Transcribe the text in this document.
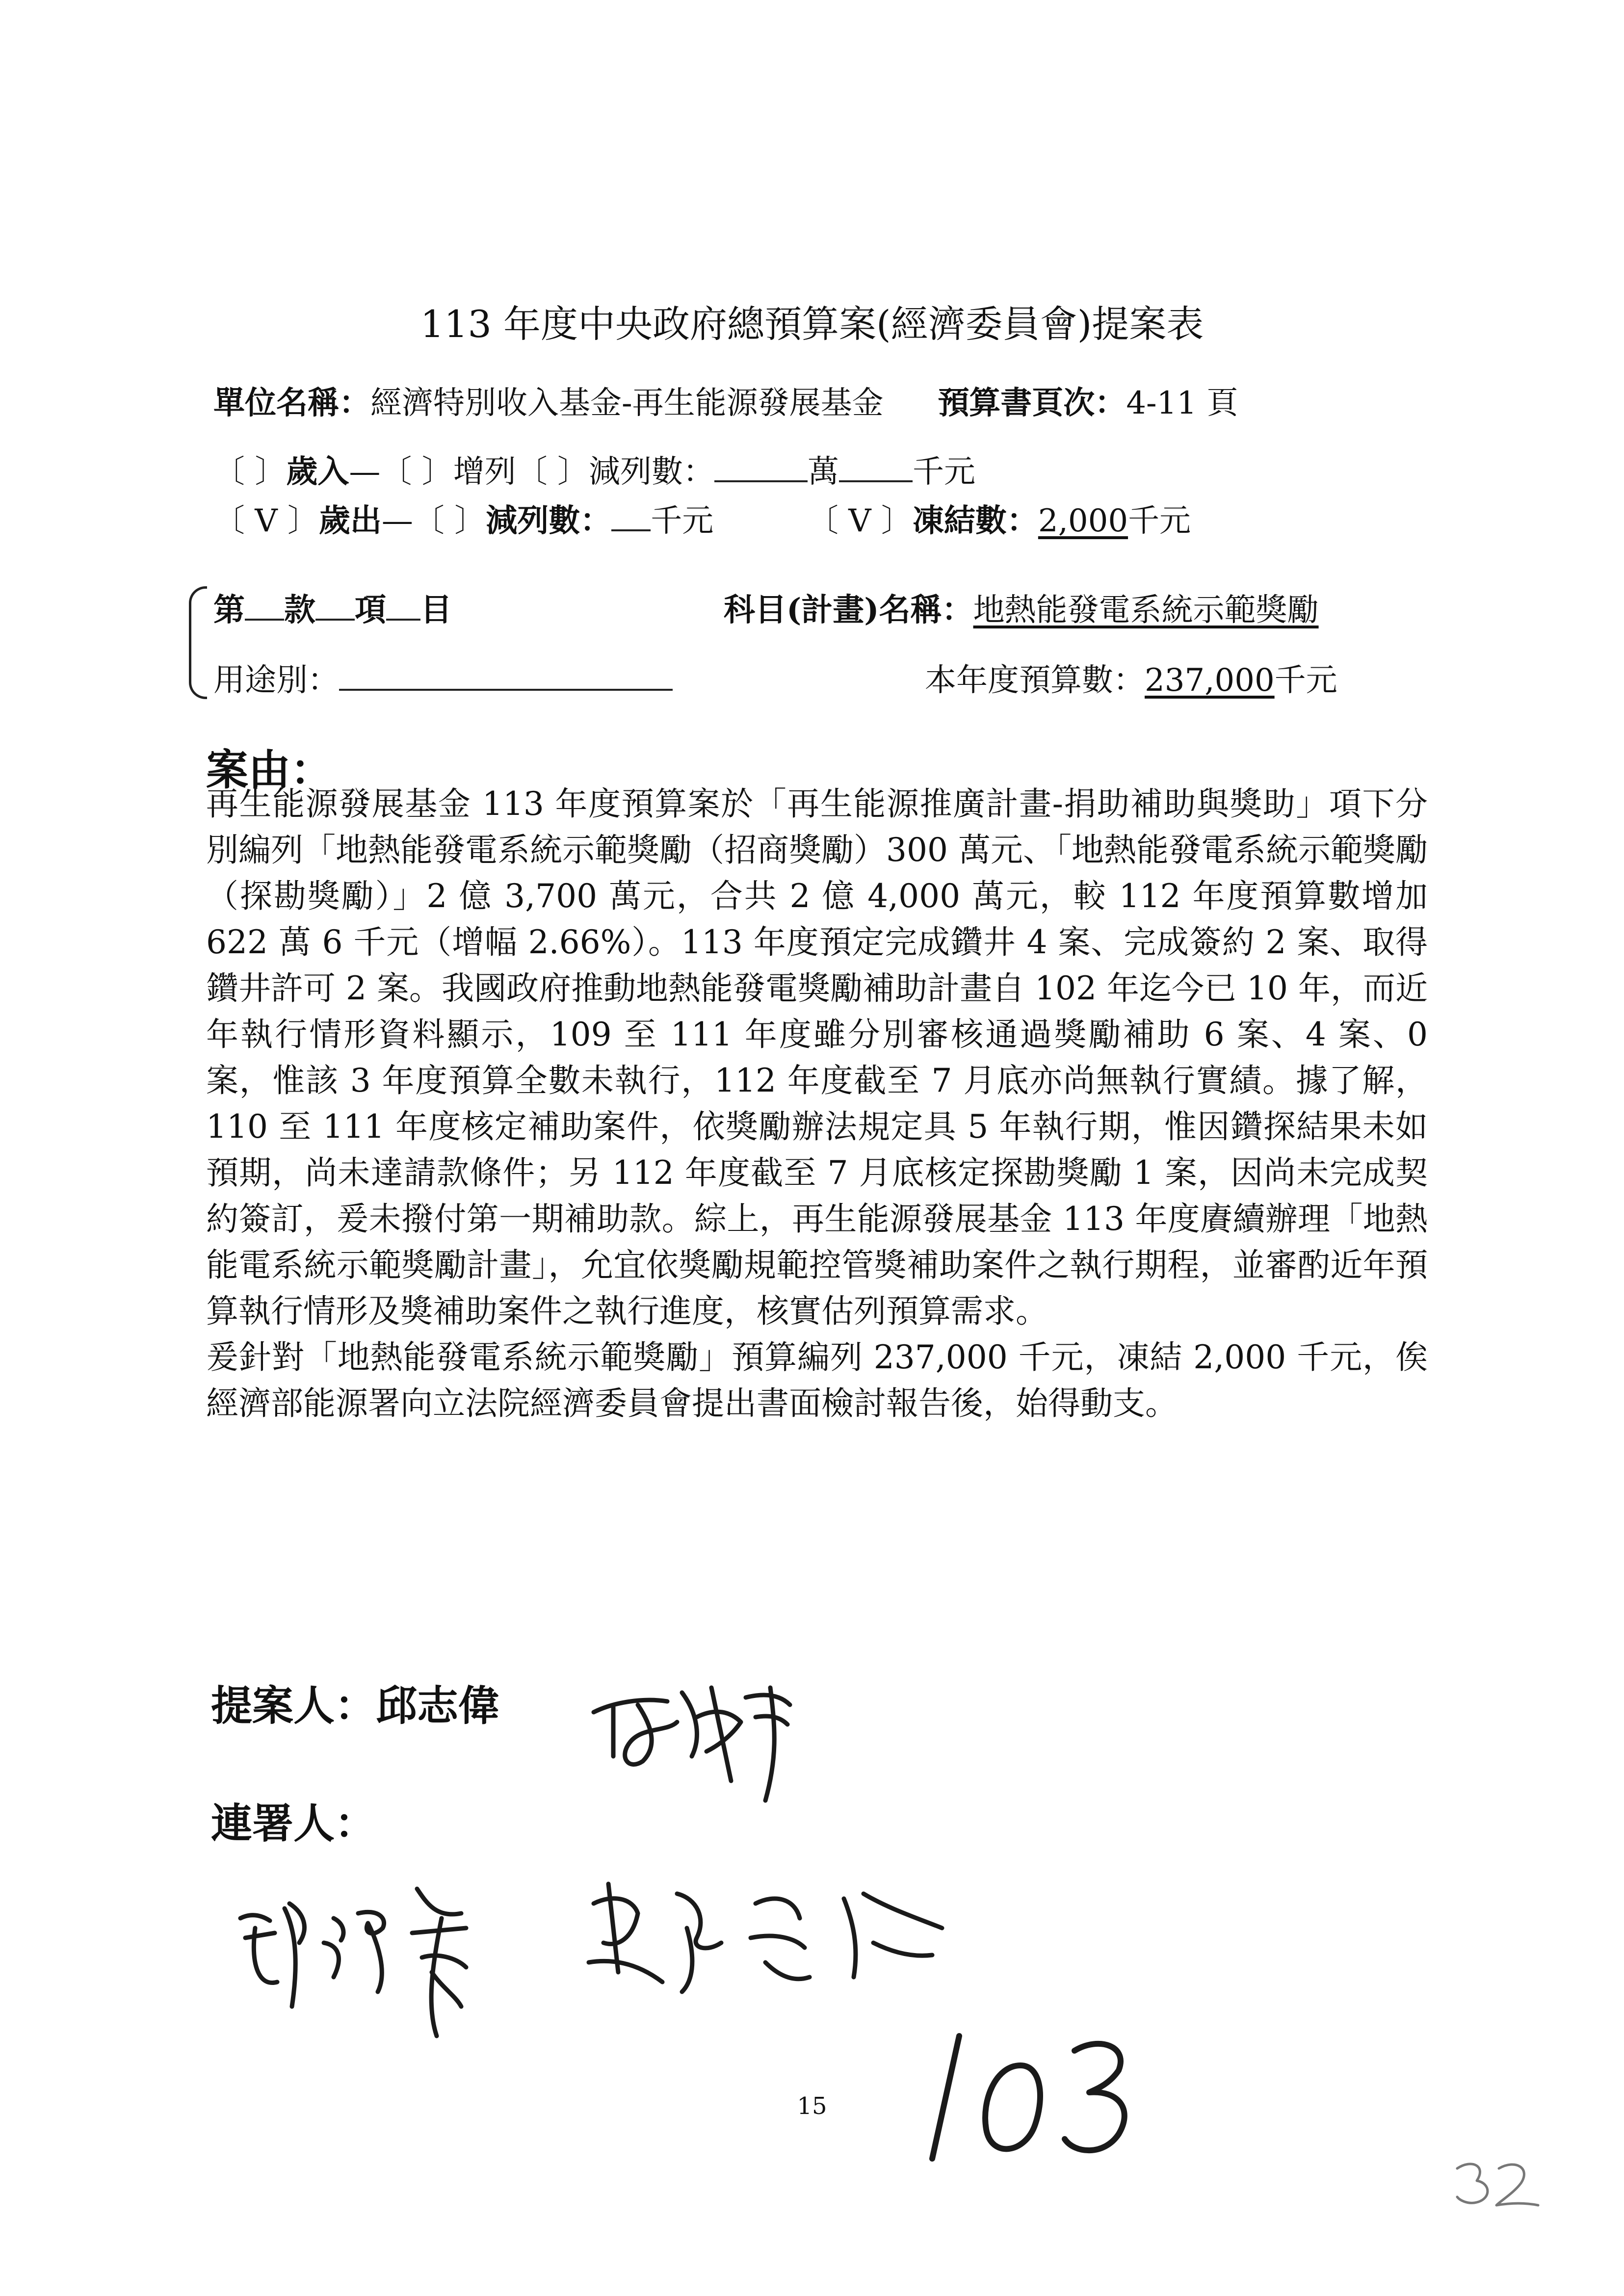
113 年度中央政府總預算案(經濟委員會)提案表
單位名稱：經濟特別收入基金-再生能源發展基金 預算書頁次：4-11 頁
〔 〕歲入—〔 〕增列〔 〕減列數：	萬 千元
〔 V 〕歲出—〔 〕減列數： 千元	〔 V 〕凍結數：2,000千元
第 款 項 目	科目(計畫)名稱：地熱能發電系統示範獎勵
用途別：	本年度預算數：237,000千元
案由：

再生能源發展基金 113 年度預算案於「再生能源推廣計畫-捐助補助與獎助」項下分別編列「地熱能發電系統示範獎勵（招商獎勵）300 萬元、「地熱能發電系統示範獎勵（探勘獎勵）」2 億 3,700 萬元，合共 2 億 4,000 萬元，較 112 年度預算數增加 622 萬 6 千元（增幅 2.66%）。113 年度預定完成鑽井 4 案、完成簽約 2 案、取得鑽井許可 2 案。我國政府推動地熱能發電獎勵補助計畫自 102 年迄今已 10 年，而近年執行情形資料顯示，109 至 111 年度雖分別審核通過獎勵補助 6 案、4 案、0 案，惟該 3 年度預算全數未執行，112 年度截至 7 月底亦尚無執行實績。據了解，110 至 111 年度核定補助案件，依獎勵辦法規定具 5 年執行期，惟因鑽探結果未如預期，尚未達請款條件；另 112 年度截至 7 月底核定探勘獎勵 1 案，因尚未完成契約簽訂，爰未撥付第一期補助款。綜上，再生能源發展基金 113 年度賡續辦理「地熱能電系統示範獎勵計畫」，允宜依獎勵規範控管獎補助案件之執行期程，並審酌近年預算執行情形及獎補助案件之執行進度，核實估列預算需求。

爰針對「地熱能發電系統示範獎勵」預算編列 237,000 千元，凍結 2,000 千元，俟經濟部能源署向立法院經濟委員會提出書面檢討報告後，始得動支。

提案人：邱志偉
連署人：
15
